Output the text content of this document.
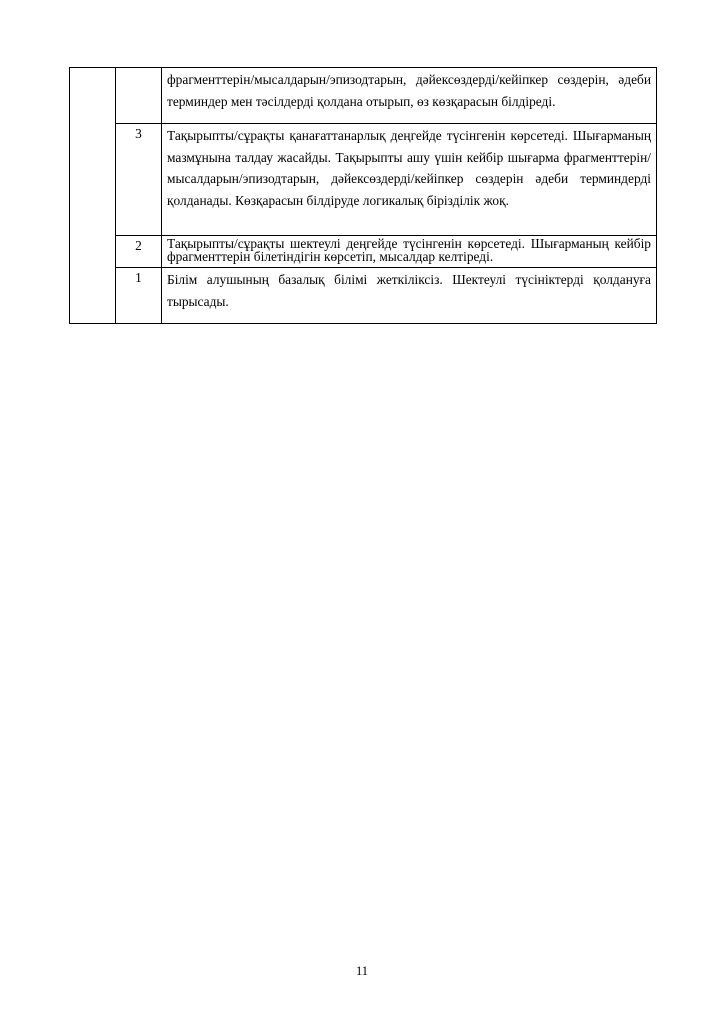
		фрагменттерін/мысалдарын/эпизодтарын, дәйексөздерді/кейіпкер сөздерін, әдеби терминдер мен тәсілдерді қолдана отырып, өз көзқарасын білдіреді.
	3	Тақырыпты/сұрақты қанағаттанарлық деңгейде түсінгенін көрсетеді. Шығарманың мазмұнына талдау жасайды. Тақырыпты ашу үшін кейбір шығарма фрагменттерін/мысалдарын/эпизодтарын, дәйексөздерді/кейіпкер сөздерін әдеби терминдерді қолданады. Көзқарасын білдіруде логикалық бірізділік жоқ.
	2	Тақырыпты/сұрақты шектеулі деңгейде түсінгенін көрсетеді. Шығарманың кейбір фрагменттерін білетіндігін көрсетіп, мысалдар келтіреді.
	1	Білім алушының базалық білімі жеткіліксіз. Шектеулі түсініктерді қолдануға тырысады.
11
